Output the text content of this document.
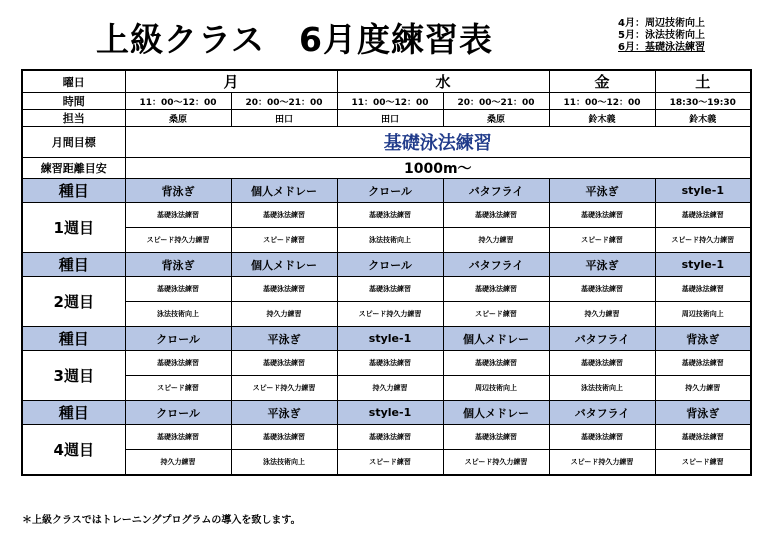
上級クラス 6月度練習表	4月：周辺技術向上
5月：泳法技術向上
6月：基礎泳法練習
曜日	月		水		金	土
時間	11：00～12：00	20：00～21：00	11：00～12：00	20：00～21：00	11：00～12：00	18:30～19:30
担当	桑原	田口	田口	桑原	鈴木義	鈴木義
月間目標	基礎泳法練習					
練習距離目安	1000m～					
種目	背泳ぎ	個人メドレー	クロール	バタフライ	平泳ぎ	style-1
1週目	基礎泳法練習	基礎泳法練習	基礎泳法練習	基礎泳法練習	基礎泳法練習	基礎泳法練習
	スピード持久力練習	スピード練習	泳法技術向上	持久力練習	スピード練習	スピード持久力練習
種目	背泳ぎ	個人メドレー	クロール	バタフライ	平泳ぎ	style-1
2週目	基礎泳法練習	基礎泳法練習	基礎泳法練習	基礎泳法練習	基礎泳法練習	基礎泳法練習
	泳法技術向上	持久力練習	スピード持久力練習	スピード練習	持久力練習	周辺技術向上
種目	クロール	平泳ぎ	style-1	個人メドレー	バタフライ	背泳ぎ
3週目	基礎泳法練習	基礎泳法練習	基礎泳法練習	基礎泳法練習	基礎泳法練習	基礎泳法練習
	スピード練習	スピード持久力練習	持久力練習	周辺技術向上	泳法技術向上	持久力練習
種目	クロール	平泳ぎ	style-1	個人メドレー	バタフライ	背泳ぎ
4週目	基礎泳法練習	基礎泳法練習	基礎泳法練習	基礎泳法練習	基礎泳法練習	基礎泳法練習
	持久力練習	泳法技術向上	スピード練習	スピード持久力練習	スピード持久力練習	スピード練習
＊上級クラスではトレーニングプログラムの導入を致します。
